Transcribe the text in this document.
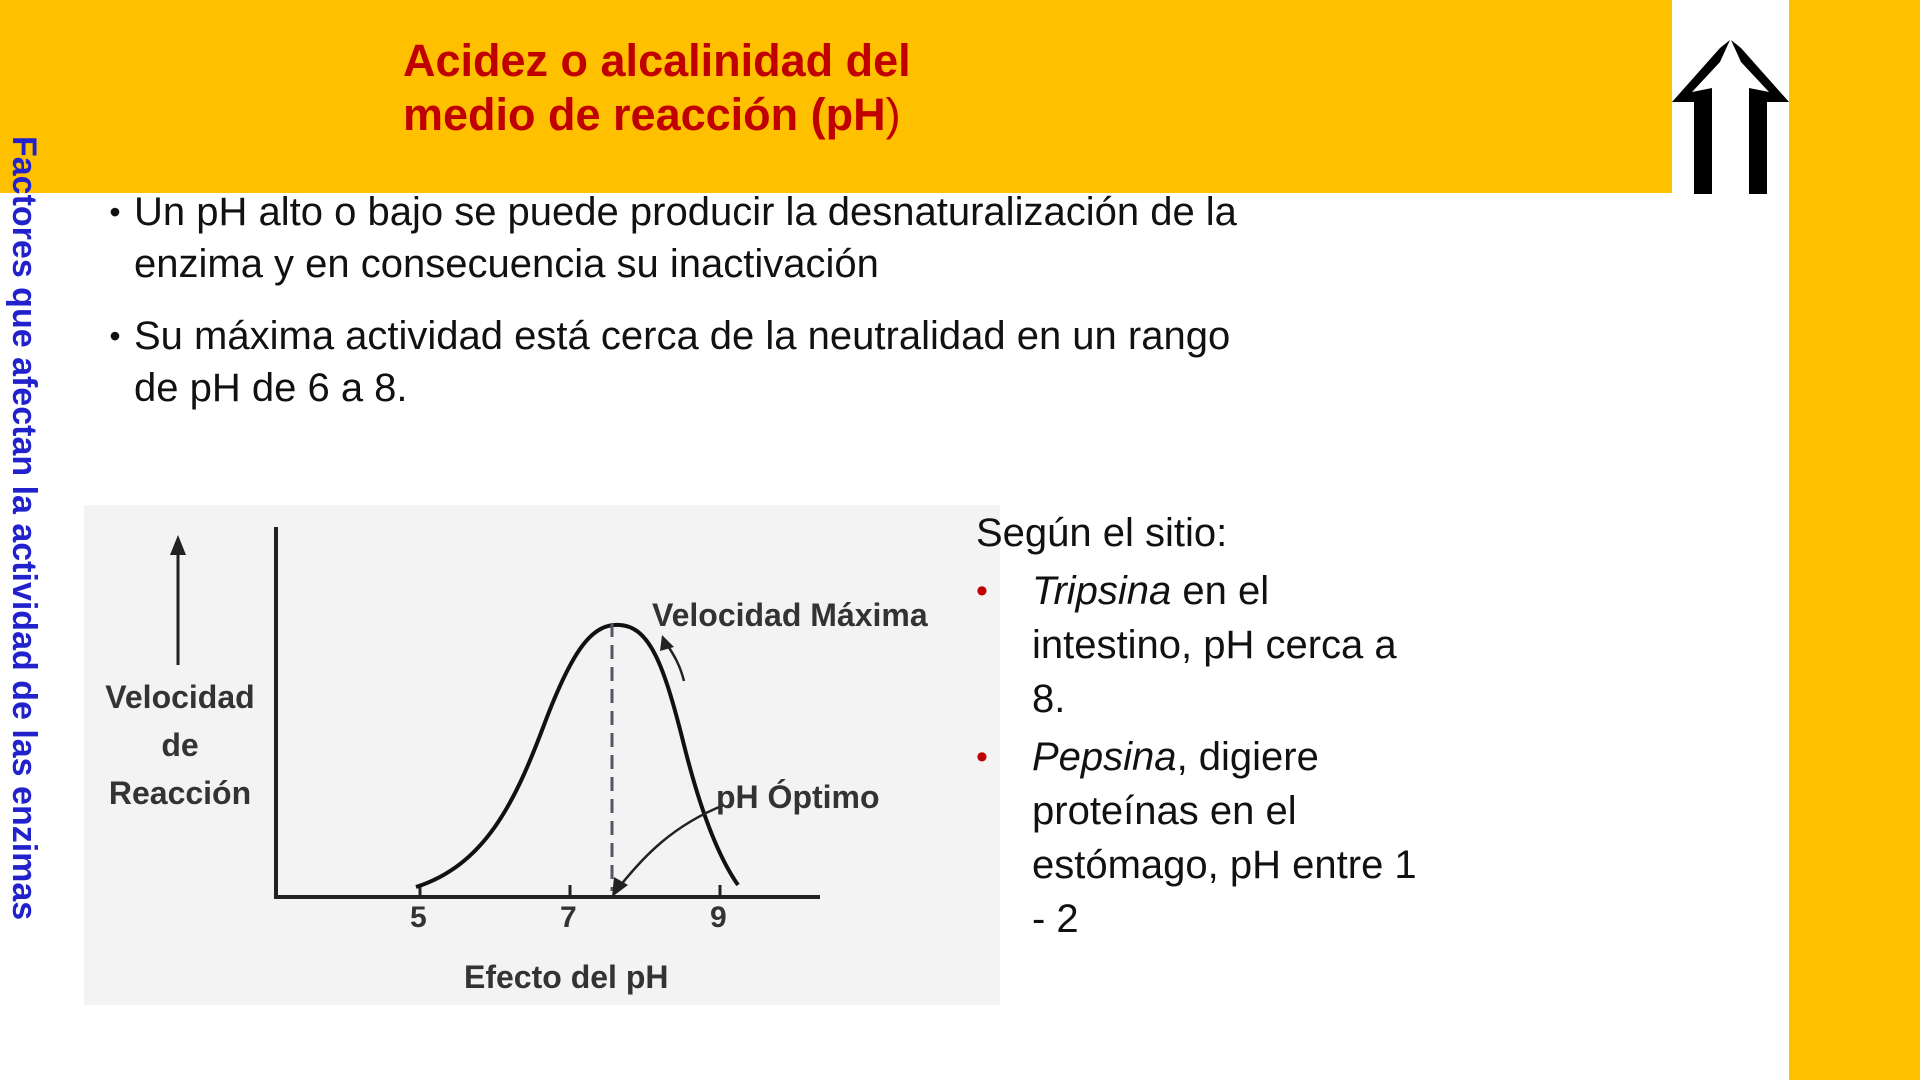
Acidez o alcalinidad del
medio de reacción (pH)
Factores que afectan la actividad de las enzimas	• Un pH alto o bajo se puede producir la desnaturalización de la
enzima y en consecuencia su inactivación
• Su máxima actividad está cerca de la neutralidad en un rango
de pH de 6 a 8.
Velocidad
de
Reacción
Velocidad Máxima
pH Óptimo
5	7	9
Efecto del pH
Según el sitio:
•	Tripsina en el intestino, pH cerca a 8.
•	Pepsina, digiere proteínas en el estómago, pH entre 1 - 2
